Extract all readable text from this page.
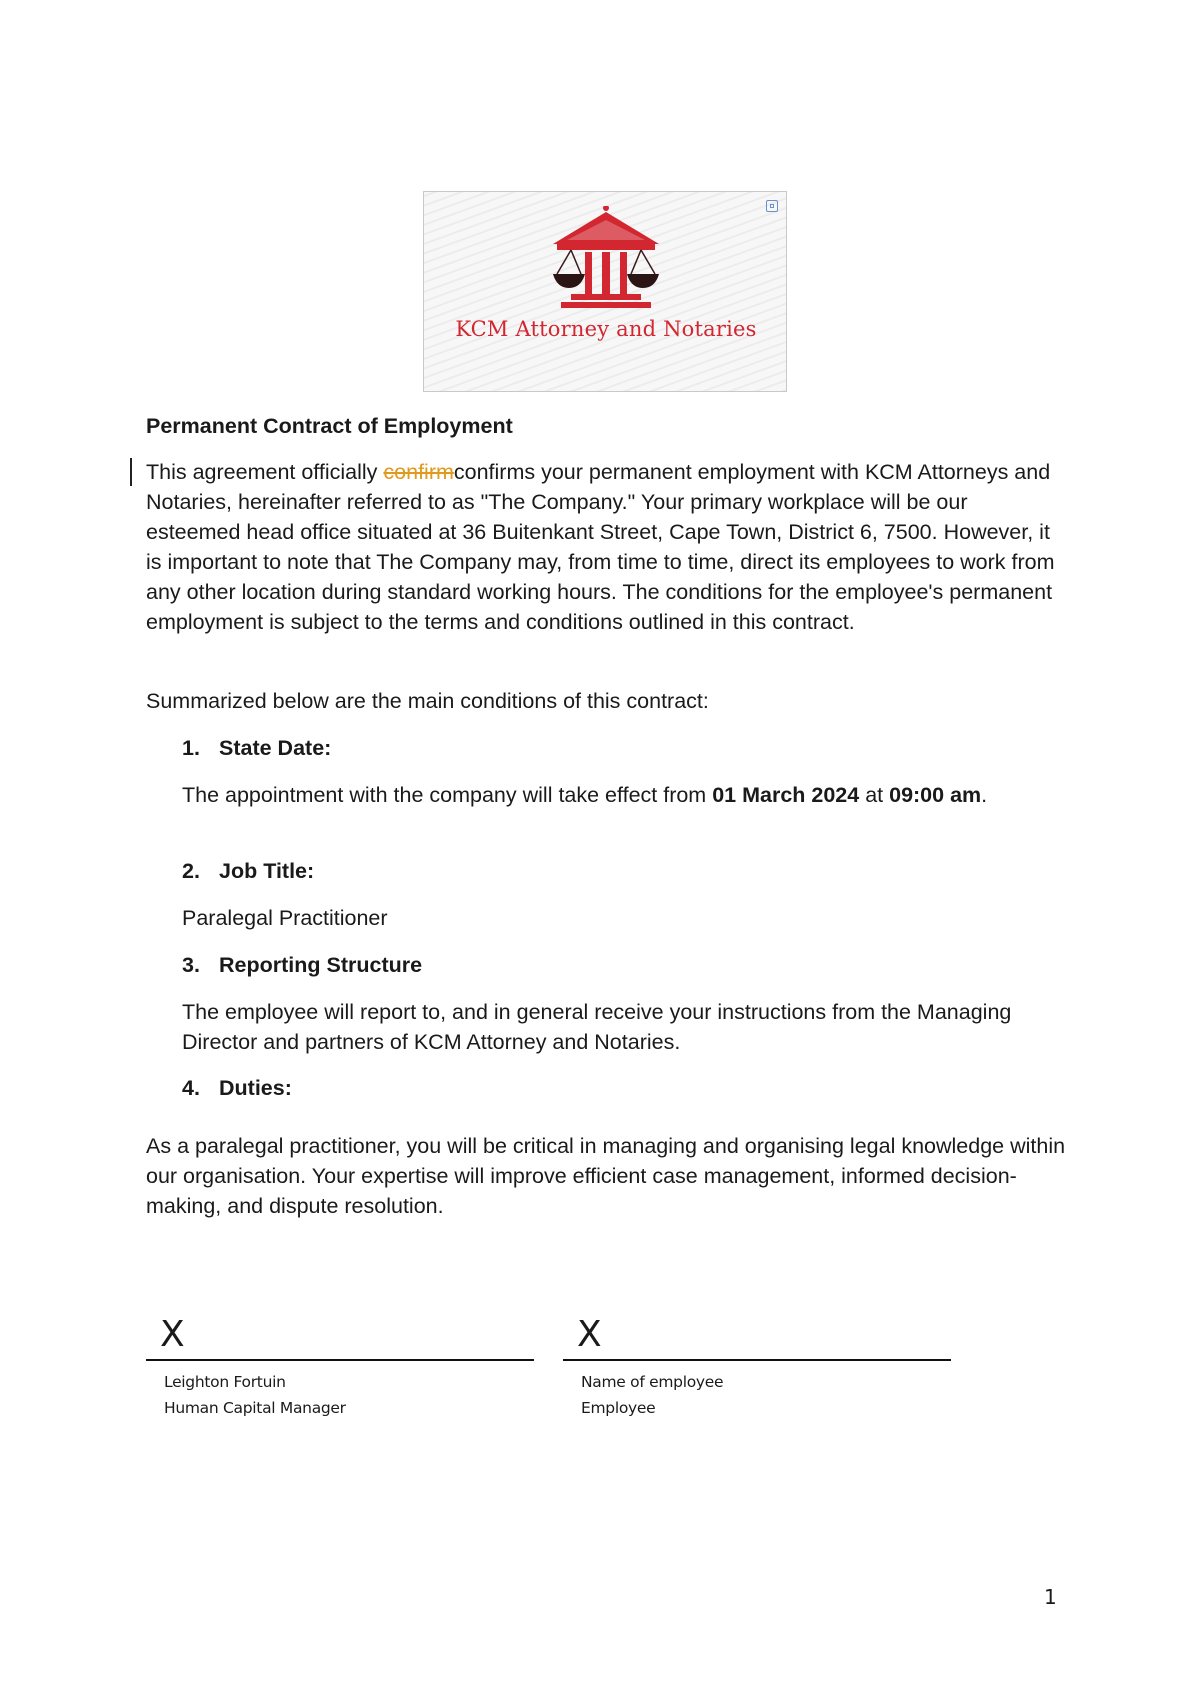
KCM Attorney and Notaries
Permanent Contract of Employment

This agreement officially confirmconfirms your permanent employment with KCM Attorneys and Notaries, hereinafter referred to as "The Company." Your primary workplace will be our esteemed head office situated at 36 Buitenkant Street, Cape Town, District 6, 7500. However, it is important to note that The Company may, from time to time, direct its employees to work from any other location during standard working hours. The conditions for the employee's permanent employment is subject to the terms and conditions outlined in this contract.

Summarized below are the main conditions of this contract:

1. State Date:
The appointment with the company will take effect from 01 March 2024 at 09:00 am.
2. Job Title:
Paralegal Practitioner
3. Reporting Structure
The employee will report to, and in general receive your instructions from the Managing Director and partners of KCM Attorney and Notaries.
4. Duties:

As a paralegal practitioner, you will be critical in managing and organising legal knowledge within our organisation. Your expertise will improve efficient case management, informed decision-making, and dispute resolution.

X
Leighton Fortuin
Human Capital Manager
X
Name of employee
Employee
1
